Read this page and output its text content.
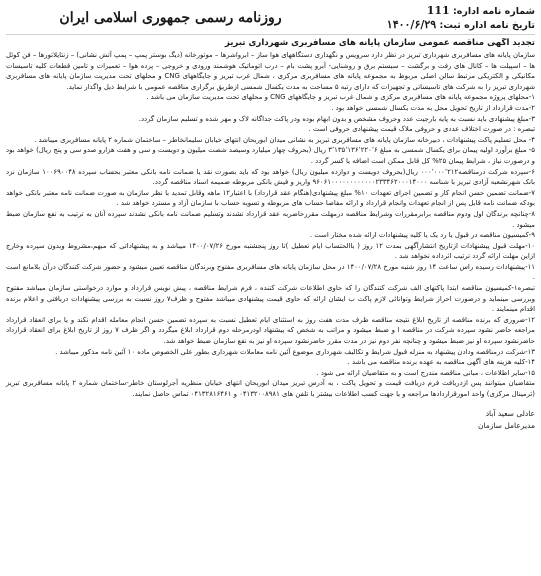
شماره نامه اداره: 111
تاریخ نامه اداره ثبت: ۱۴۰۰/۶/۲۹
روزنامه رسمی جمهوری اسلامی ایران
تجدید آگهی مناقصه عمومی سازمان پایانه های مسافربری شهرداری تبریز

سازمان پایانه های مسافربری شهرداری تبریز در نظر دارد سرویس و نگهداری دستگاههای هوا ساز – ابرواشرها – موتورخانه (دیگ بوستر پمپ – پمپ آتش نشانی) – زنتایلاتورها – فن کوئل ها – اسپیلت ها – کانال های رفت و برگشت – سیستم برق و روشنایی- آبرو پشت بام – درب اتوماتیک هوشمند ورودی و خروجی – پرده هوا – تعمیرات و تامین قطعات کلیه تاسیسات مکانیکی و الکتریکی مرتبط سالن اصلی مربوط به مجموعه پایانه های مسافربری مرکزی ، شمال غرب تبریز و جایگاههای CNG و محلهای تحت مدیریت سازمان پایانه های مسافربری شهرداری تبریز را به شرکت های تاسیساتی و تجهیزات که دارای رتبه ۵ مساحت به مدت یکسال شمسی ازطریق برگزاری مناقصه عمومی با شرایط ذیل واگذار نماید.

۱-محلهای پروژه مجموعه پایانه های مسافربری مرکزی و شمال غرب تبریز و جایگاههای CNG و محلهای تحت مدیریت سازمان می باشد .

۲-مدت قرارداد از تاریخ تحویل محل به مدت یکسال شمسی خواهد بود .

۳-مبلغ پیشنهادی باید نسبت به پایه بارجیت عدد وحروف مشخص و بدون ابهام بوده ودر پاکت جداگانه لاک و مهر شده و تسلیم سازمان گردد.

تبصره : در صورت اختلاف عددی و حروفی ملاک قیمت پیشنهادی حروفی است .

۴- محل تسلیم پاکت پیشنهادات ، دبیرخانه سازمان پایانه های مسافربری تبریز به نشانی میدان ابوریحان انتهای خیابان سلیمانخاطر – ساختمان شماره ۲ پایانه مسافربری میباشد .

۵- مبلغ برآورد اولیه پیمان برای یکسال شمسی به مبلغ ۳٬۱۳۵٬۱۳۶٬۲۲۰٬۶ ریال (بحروف چهار میلیارد وسیصد شصت میلیون و دویست و سی و هفت هزارو صدو سی و پنج ریال) خواهد بود و درصورت نیاز ، شرایط پیمان ۲۵% کل قابل ممکن است اضافه یا کسر گردد .

۶-سپرده شرکت درمناقصه۰۰۰٬۰۰۰٬۲۱۲ ریال(بحروف دویست و دوازده میلیون ریال) خواهد بود که باید بصورت نقد یا ضمانت نامه بانکی معتبر بحساب سپرده ۱۰۰۶۹۰۰۴۸ سازمان نزد بانک شهرنشعبه آزادی تبریز با شناسه ۹۶۰۶۱۰۰۰۰۰۰۰۰۰۰۰۰۲۳۳۴۶۲۰۰۰۱۴۰۰۰ واریز و فیش بانکی مربوطه ضمیمه اسناد مناقصه گردد.

۷-ضمانت تضمین حسن انجام کار و تضمین اجرای تعهدات ۱۰% مبلغ پیشنهادی(هنگام عقد قرارداد) با اعتبار۱۲ ماهه وقابل تمدید با نظر سازمان به صورت ضمانت نامه معتبر بانکی خواهد بودکه ضمانت نامه قابل پس از انجام تعهدات وانجام قرارداد و ارائه مفاصا حساب های مربوطه و تسویه حساب با سازمان آزاد و مسترد خواهد شد .

۸-چنانچه برندگان اول ودوم مناقصه برابرمقررات وشرایط مناقصه درمهلت مقررحاضربه عقد قرارداد نشدند وتسلیم ضمانت نامه بانکی نشدند سپرده آنان به ترتیب به نفع سازمان ضبط میشود .

۹-کمیسیون مناقصه در قبول یا رد یک یا کلیه پیشنهادات ارائه شده مختار است .

۱۰-مهلت قبول پیشنهادات ازتاریخ انتشارآگهی بمدت ۱۲ روز ( باالحتساب ایام تعطیل )تا روز پنجشنبه مورخ ۱۴۰۰/۰۷/۲۶ میباشد و به پیشنهاداتی که مبهم،مشروط وبدون سپرده وخارج ازاین مهلت ارائه گردد ترتیب اثرداده نخواهد شد .

۱۱-پیشنهادات رسیده راس ساعت ۱۴ روز شنبه مورخ ۱۴۰۰/۰۷/۲۸ در محل سازمان پایانه های مسافربری مفتوح وبرندگان مناقصه تعیین میشود و حضور شرکت کنندگان درآن بلامانع است .

تبصره۱-کمیسیون مناقصه ابتدا پاکتهای الف شرکت کنندگان را که حاوی اطلاعات شرکت کننده ، فرم شرایط مناقصه ، پیش نویس قرارداد و موارد درخواستی سازمان میباشد مفتوح وبررسی مینماید و درصورت احراز شرایط وتوانائی لازم پاکت ب ایشان ارائه که حاوی قیمت پیشنهادی میباشد مفتوح و ظرف۷ روز نسبت به بررسی پیشنهادات دریافتی و اعلام برنده اقدام مینمایند .

۱۲-ضروری که برنده مناقصه از تاریخ ابلاغ نتیجه مناقصه ظرف مدت هفت روز به استثنای ایام تعطیل نسبت به سپرده تضمین حسن انجام معامله اقدام نکند و یا برای انعقاد قرارداد مراجعه حاضر نشود سپرده شرکت در مناقصه ا و ضبط میشود و مراتب به شخص که پیشنهاد اودرمرحله دوم قرارداد ابلاغ میگردد و اگر ظرف ۷ روز از تاریخ ابلاغ برای انعقاد قرارداد حاضرنشود سپرده او نیز ضبط میشود و چنانچه نفر دوم نیز در مدت مقرر حاضرنشود سپرده او نیز به نفع سازمان ضبط خواهد شد.

۱۳-شرکت درمناقصه ودادن پیشنهاد به منزله قبول شرایط و تکالیف شهرداری موضوع آئین نامه معاملات شهرداری بطور علی الخصوص ماده ۱۰ آئین نامه مذکور میباشد .

۱۴-کلیه هزینه های آگهی مناقصه به عهده برنده مناقصه می باشد .

۱۵-سایر اطلاعات ، مبانی مناقصه مندرج است و به متقاضیان ارائه می شود .

متقاضیان میتوانند پس ازدریافت فرم دریافت قیمت و تحویل پاکت ، به آدرس تبریز میدان ابوریحان انتهای خیابان منظریه آجرلوستان خاطر-ساختمان شماره ۲ پایانه مسافربری تبریز (ترمینال مرکزی) واحد امورقراردادها مراجعه و یا جهت کسب اطلاعات بیشتر با تلفن های ۰۴۱۳۲۰۰۸۹۸۱ و ۰۴۱۳۲۸۱۶۴۶۱ تماس حاصل نمایند.

عادلی سعید آباد
مدیرعامل سازمان
